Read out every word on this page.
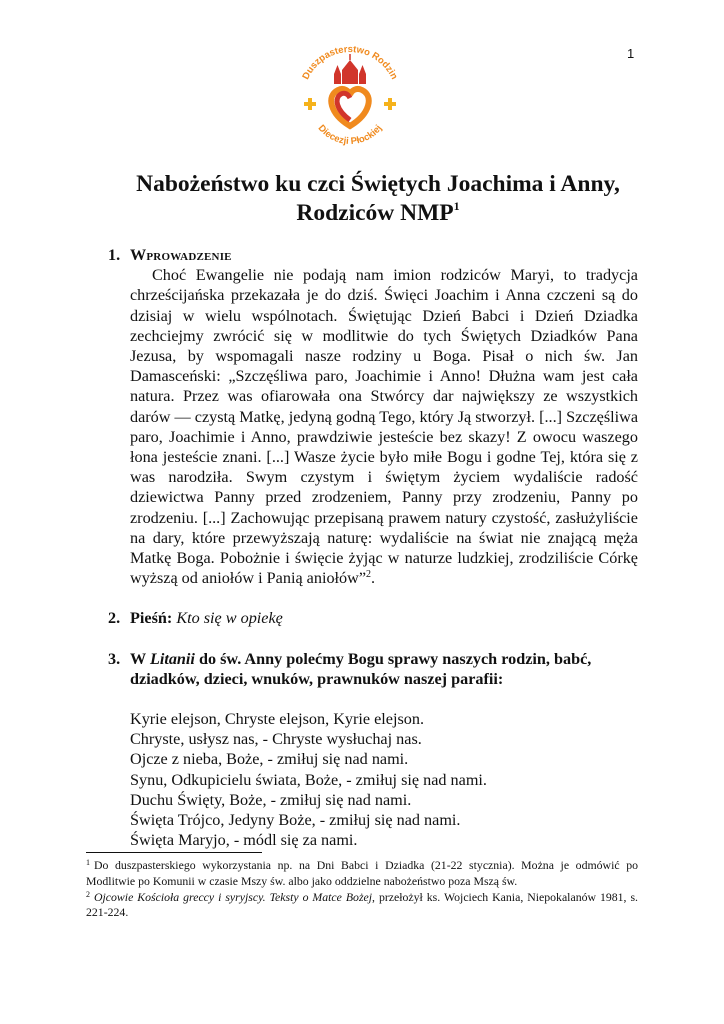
1
Duszpasterstwo Rodzin
Diecezji Płockiej
Nabożeństwo ku czci Świętych Joachima i Anny,
Rodziców NMP$^1$

1. Wprowadzenie

Choć Ewangelie nie podają nam imion rodziców Maryi, to tradycja chrześcijańska przekazała je do dziś. Święci Joachim i Anna czczeni są do dzisiaj w wielu wspólnotach. Świętując Dzień Babci i Dzień Dziadka zechciejmy zwrócić się w modlitwie do tych Świętych Dziadków Pana Jezusa, by wspomagali nasze rodziny u Boga. Pisał o nich św. Jan Damasceński: „Szczęśliwa paro, Joachimie i Anno! Dłużna wam jest cała natura. Przez was ofiarowała ona Stwórcy dar największy ze wszystkich darów — czystą Matkę, jedyną godną Tego, który Ją stworzył. [...] Szczęśliwa paro, Joachimie i Anno, prawdziwie jesteście bez skazy! Z owocu waszego łona jesteście znani. [...] Wasze życie było miłe Bogu i godne Tej, która się z was narodziła. Swym czystym i świętym życiem wydaliście radość dziewictwa Panny przed zrodzeniem, Panny przy zrodzeniu, Panny po zrodzeniu. [...] Zachowując przepisaną prawem natury czystość, zasłużyliście na dary, które przewyższają naturę: wydaliście na świat nie znającą męża Matkę Boga. Pobożnie i święcie żyjąc w naturze ludzkiej, zrodziliście Córkę wyższą od aniołów i Panią aniołów”$^2$.

2. Pieśń: Kto się w opiekę

3. W Litanii do św. Anny polećmy Bogu sprawy naszych rodzin, babć,

dziadków, dzieci, wnuków, prawnuków naszej parafii:

Kyrie elejson, Chryste elejson, Kyrie elejson.
Chryste, usłysz nas, - Chryste wysłuchaj nas.
Ojcze z nieba, Boże, - zmiłuj się nad nami.
Synu, Odkupicielu świata, Boże, - zmiłuj się nad nami.
Duchu Święty, Boże, - zmiłuj się nad nami.
Święta Trójco, Jedyny Boże, - zmiłuj się nad nami.
Święta Maryjo, - módl się za nami.

$^1$ Do duszpasterskiego wykorzystania np. na Dni Babci i Dziadka (21-22 stycznia). Można je odmówić po Modlitwie po Komunii w czasie Mszy św. albo jako oddzielne nabożeństwo poza Mszą św.

$^2$ Ojcowie Kościoła greccy i syryjscy. Teksty o Matce Bożej, przełożył ks. Wojciech Kania, Niepokalanów 1981, s. 221-224.
